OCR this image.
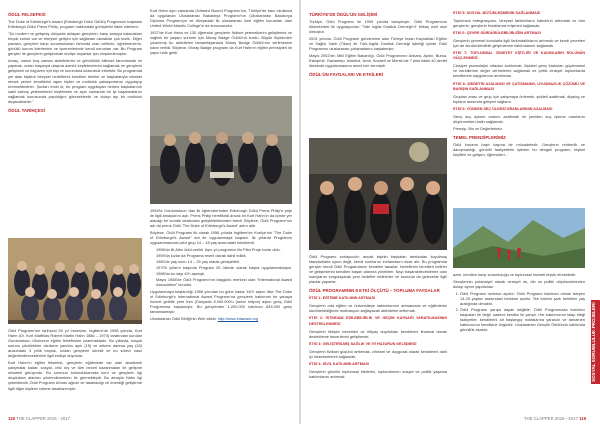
ÖDÜL FELSEFESİ

The Duke of Edinburgh's Award (Edinburgh Dükü Ödülü) Programını başlatan Edinburgh Dükü Prens Philip, program hakkındaki görüşlerini ifade ederken:

"Şu modern ve gelişmiş dünyada anlayan gençlerin; karşı karşıya kalacakları birçok zorluk var ve bireysel gelişim için sağlanan olanaklar çok kısıtlı. Diğer yandan, gençlere karşı sorumlulukları farkında olan velilerin, öğretmenlerin, gönüllü kurum liderlerinin ve işverenlerinde kendi sorunları var. Bu Program gençler ile gençlerin gelişiminde endişe duyanlar için oluşturulmuştur.

Amaç, varsın boş zaman aktivitelerini ve gönüllülük bilincini tanımlamak ve yaparak, onları başarıya ulaşma azmini keşfetmelerini sağlamak ve gençlerin gelişimini ve özgüven için kişi ve kurumlara kılavuzluk etmektir. Bu programda yer alan kişilere bireysel hedeflerini kendileri belirler ve başkalarıyla rekabet etmek yerine kendilerini aşan kişiler ve mutluluk yaklaşımlarını uygulayıp üretmektedirler. Şunları emin ki, bu program uygulayan herkes başkalarının sakli kalmış yeteneklerini keşfetmek ve aynı zamanda bir iyi başarmalarını sağlamak konusunda yapıldığını göreceklerdir ve dolayı ayı bir mutluluk duyacaklardır."

ÖDÜL TARİHÇESİ

Ödül Programı'nın tarihçesi 50 yıl öncesine, İngiltere'de 1956 yılında, Kurt Hahn (Dr. Kurt Matthias Robert Martin Hahn 1886 – 1974) tarafından kurulan Gordonstoun Okulunun eğitim felsefesine uzanmaktadır. Bu yıllarda, sosyal sorunu çözülebilen okulların yardımı aynı (15) ve zekere darena yaş (18) arasındaki 3 yıllık boşluk, ondan gençlerin sürekli ve bu süreci nasıl değerlendireceklerinin ilgili endişe duydular.

Kurt Hahn'ın eğitim felsefesi, gençlerin eğitiminde var olan akademik çalışmalar kadar, sosyal, chiz dış ve tüm beceri kazanmaları ile gelişme rekabeti görüyordu. Bu sorunun bulunduklarında soru ve gençlerin ilgi duydukları alanları yönlendirmelerin ile görmekteydi. Bu amaçla Hahn ilgi çekebilecek Ödül Programı Atman ağlıdır ve tasarladığı ve önerdiği geliştirme ilgili diğer kişilerin izleme tasarlanmıştır.

Kurt Hahn aynı zamanda Outward Bound Programı'nın, Türkiye'de bazı okullarca da uygulanan Uluslararası Bakalorya Programı'nın (Uluslararası Bakalorya Diploma Programı)ın ve dünyadaki ilk uluslararası özel eğitim kurumları olan United World Atlantic College'in da kurucusudur.

1937'de Kurt Hahn ve 130 öğrencisi gençlerin fiziksel yeteneklerini geliştirmek ve sağlıklı bir yaşam sürmek için Moray Badge Ödülü'nü kurdu. Büyük ölçülerden çıkarılmış bu aktiviteleri tamamlayanlara Moray Badge Ödülü'nün verilmesine karar verildi. Böylece, Moray Badge programı da Kurt Hahn'ın eğitim prensipleri ile yayın hale geldi.

1954'te Gordonstoun 'dan ilk öğrencilerinden Edinburgh Dükü Prens Philip'e prije ile ilgili amaçlarını açtı. Prens Philip hemfikirdi ancak bir Kurt Hahn'ın da içinde yer alacağı bir komite tarafından geliştirilebilmesini istedi. Böylece, Ödül Programı'nın adı da prens Ödül 'The Duke of Edinburgh's Award' adını aldı.

Böylece, Ödül Programı ilk olarak 1956 yılında İngiltere'de Kraliçe'nin "The Duke of Edinburgh's Award" adı ile uygulanmaya başladı. İlk yıllarda Programın uygulanmasında pilot grup 14 – 18 yaş arasındaki erkeklerdi.

• 1956'da ilk Altın ödül verildi. Aynı yıl programın ilin Pilot Proje kızlar oldu.
• 1959'da kızlar da Programa resmi olarak dahil edildi.
• 1980'de yaş sınırı 14 – 25 yaş olarak genişletildi.
• 1970'li yılların başında Program 25 ülkede olarak başka uygulanmaktaydı. 1988'da bu sayı 40'ı aşmıştı.
• Mayıs 1988'de Ödül Programı'nın başgünü merkezi olan "International Award Association" kuruldu.

Uygulanmaya başlandığı 1956 yılından bu güne kadar 140'ı aşkın ülke The Duke of Edinburgh's International Award Programı'na gençlerin katılımını bir yanaya hizmet getirilir yere tüm (Dünyada 8.000.000'u (sekiz milyon) aşkın genç Ödül Programına başlamıştır. Bu gençlerden 1.200.000 katılımcı 845.000 genç tamamlamıştır.

Uluslararası Ödül Birliği'nin Web sitesi: http://www.intaward.org

118 THE CLAPPER 2016 - 2017
TÜRKİYE'DE ÖDÜL'ÜN GELİŞİMİ

Türkiye, Ödül Programı ile 1995 yılında tanışmıştır. Ödül Programının ülkemizdeki ilk uygulayıcıları "Tabi İngiliz Dostluk Derneği'ni" birkaç özel okul olmuştur.

2001 yılında, Ödül Programı gündemine alan Türkiye İnsan Kaynakları Eğitim ve Sağlık Vakfı (Tikav) ile Türk-İngiliz Dostluk Derneği işbirliği içinde Ödül Programını uluslararası çalışmalarını başlatmıştır.

Mayıs 2002'de; Milli Eğitim Bakanlığı, Ödül Programının Ankara, Aydın, Bursa, Eskişehir, Gaziantep, İstanbul, İzmir, Kocaeli ve Mersin'de 7 pilot ildeki 40 devlet lisesinde uygulanmasına resmi izin vermiştir.

ÖDÜL'ÜN FAYDALARI VE ETKİLERİ

Ödül Programı zorlayıcıdır; ancak kişinin başkaları tarafından koyulmuş standartlarla uyum değil, kendi sınırlarını zorlamasını esas alır. Bu programda gençler kendi Ödül Programlarını kendileri tasarlar, hedeflerini kendileri belirler ve gelişimlerini kendileri başarı alanına yönelirler. Nayı başarabileceklerine olan inançlarını sorgulayarak yeni hedefler belirlerler ve bununla da gelecekle ilgili planlar yaparlar.

ÖDÜL PROGRAMININ 8 ETKİ ÖLÇÜTÜ – TOPLUMA FAYDALAR
ETKİ 1: EĞİTİME KATILIMIN ARTMASI

Gençlerin orta eğitim ve üniversiteye katılımlarının artmasında ve eğitimlerini sürdürebildiğinde motivasyon sağlayacak aktiviteleri arttırmak.

ETKİ 2: İSTİHDAM EDİLEBİLİRLİK VE GEÇİM KAYNAĞI YARATILMASININ DESTEKLENMESİ

Gençlerin iletişim becerileri ve ihtiyaç duydukları kendilerini finansal olarak destekleme becerilerini geliştirmek.

ETKİ 3: GELİŞTİRİLMİŞ SAĞLIK VE İYİ HUZURUN GELİŞMESİ

Gençlerin fiziksel güçünü arttırmak, zihinsel ve duygusal olarak kendilerini dahi iyi hissetmelerini sağlamak.

ETKİ 4: SİVİL KATILIMIN ARTMASI

Gençlerin gönüllü toplumsal etkilerini, toplumlarının sosyal ve politik yaşama katılımlarını artırmak.

ETKİ 5: SOSYAL BÜTÜNLEŞMENİN SAĞLANMASI

Toplumsal entegrasyonu, bireysel farklılıkların kabulünü arttırmak ve tüm gençlerin, gençlerin fırsatlarına erişimini sağlamak.

ETKİ 6: ÇEVRE SÜRDÜRÜLEBİLİRLİĞİN ARTMASI

Gençlerin çevresel konularla ilgili farkındalıklarını artırmak ve kendi çevreleri için de sürdürülebilirlik girişimlerine katılmalarını sağlamak.

ETKİ 7: TOPLUMSAL CİNSİYET EŞİTLİĞİ VE KADINLARIN ROLÜNÜN GÜÇLENMESİ

Cinsiyet yanmolejisi ortadan kaldırmak, ilişkisel genç kadınları güçlenmesi ve kendilerine değer vermelerini sağlamak ve çeltik cinsiyet toplumlarda kendilerine saygılarının artırılması.

ETKİ 8: ŞİDDETİN AZALMASI VE ÇATIŞMANIN, UYUŞMAZLIK ÇÖZÜMÜ VE BARIŞIN SAĞLANMASI

Grupları arası ve grup için çatışmaya önlemek, şiddeti azaltmak, diyalog ve toplantı arasında gelişimi sağlanır.

ETKİ 9: YÖNDEN SEÇ ÜLKESİ ORANLARININ AZALMASI

Genç suç işleme oranını azaltmak ve yeniden suç işleme oranlarını düşürmekten katkı sağlamak.

Prensip, Bio ve Değerlerimiz

TEMEL PRENSİPLERİMİZ

Ödül kuruma başlı başına bir mücadeledir. Gençlerin rehberlik ve danışmanlığı, gönüllü faaliyetlerin işlenen bu dengeli programı, kişisel keyifleri ve gelişim, öğrencileri...

azim, kendine karşı sorumluluğu ve toplumsal hizmeti teşvik etmektedir.

Gençlerinin potansiyel olarak cinsiyet ırk, din ve politik düşüncelerinden dolayı ayrım yapılamaz.

1. Ödül Programı herkese açıktır: Ödül Programı katılımcı olmak isteyen 14-25 yaşları arasındaki herkese açıktır. Tek katılım şartı belirtilen yaş aralığında olmaktır.
2. Ödül Programı yarışa dayalı değildir: Ödül Programında katılımcı başkaları ile değil, sadece kendisi ile yarışır. Her katılımcının takip ettiği faaliyetler, kendilerini ait başlangıç noktalarına yarasılır ve tamamen katılımcının kendisine özgüdür. Uluslararası Gençlik Ödülünün katılımda gönüllük esastır.	SOSYAL SORUMLULUK PROJELERİ
THE CLAPPER 2016 - 2017 119
